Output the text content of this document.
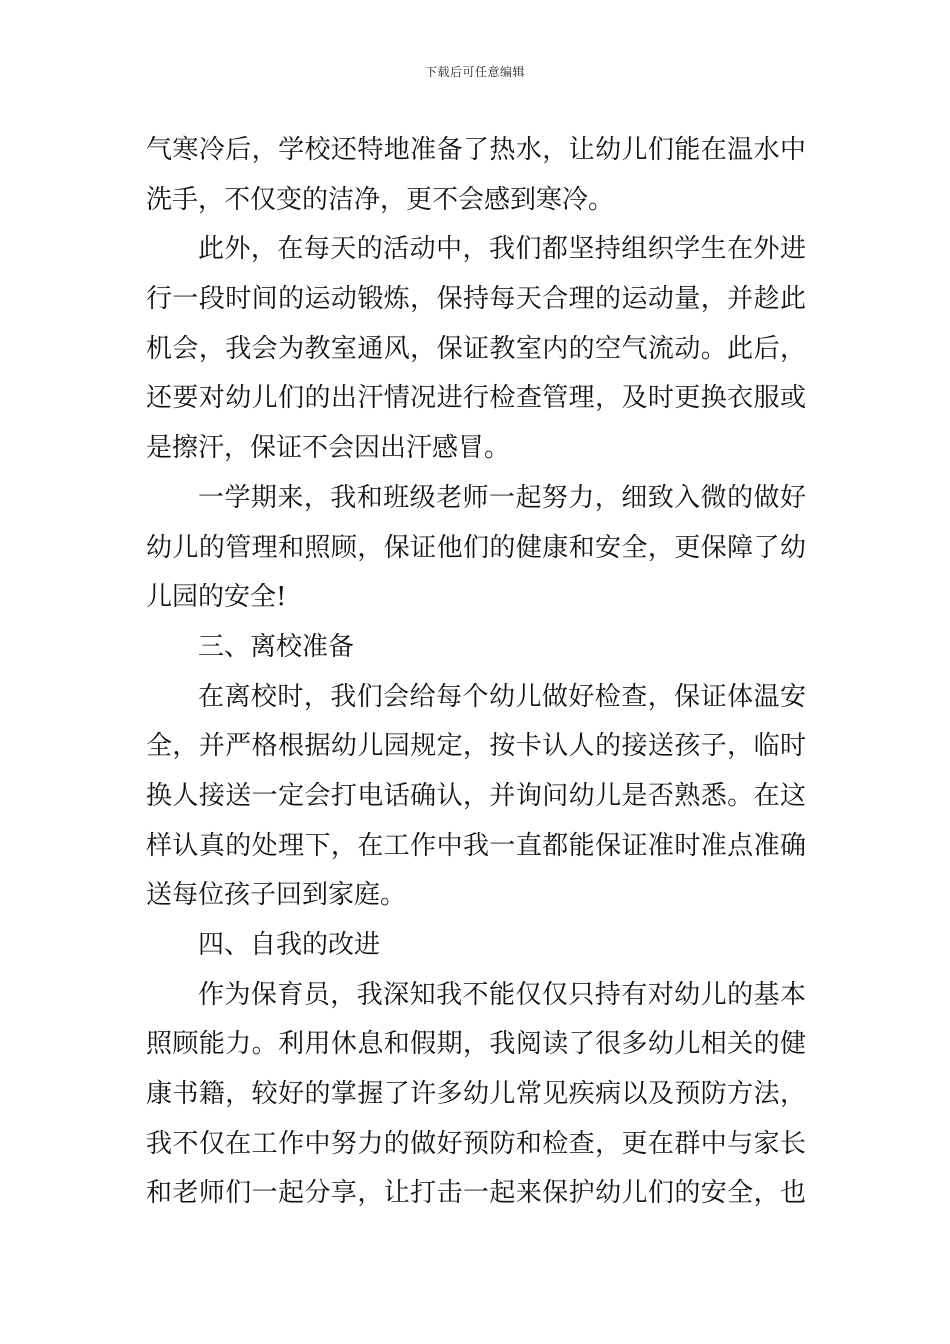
下载后可任意编辑
气寒冷后，学校还特地准备了热水，让幼儿们能在温水中
洗手，不仅变的洁净，更不会感到寒冷。
此外，在每天的活动中，我们都坚持组织学生在外进
行一段时间的运动锻炼，保持每天合理的运动量，并趁此
机会，我会为教室通风，保证教室内的空气流动。此后，
还要对幼儿们的出汗情况进行检查管理，及时更换衣服或
是擦汗，保证不会因出汗感冒。
一学期来，我和班级老师一起努力，细致入微的做好
幼儿的管理和照顾，保证他们的健康和安全，更保障了幼
儿园的安全!
三、离校准备
在离校时，我们会给每个幼儿做好检查，保证体温安
全，并严格根据幼儿园规定，按卡认人的接送孩子，临时
换人接送一定会打电话确认，并询问幼儿是否熟悉。在这
样认真的处理下，在工作中我一直都能保证准时准点准确
送每位孩子回到家庭。
四、自我的改进
作为保育员，我深知我不能仅仅只持有对幼儿的基本
照顾能力。利用休息和假期，我阅读了很多幼儿相关的健
康书籍，较好的掌握了许多幼儿常见疾病以及预防方法，
我不仅在工作中努力的做好预防和检查，更在群中与家长
和老师们一起分享，让打击一起来保护幼儿们的安全，也
